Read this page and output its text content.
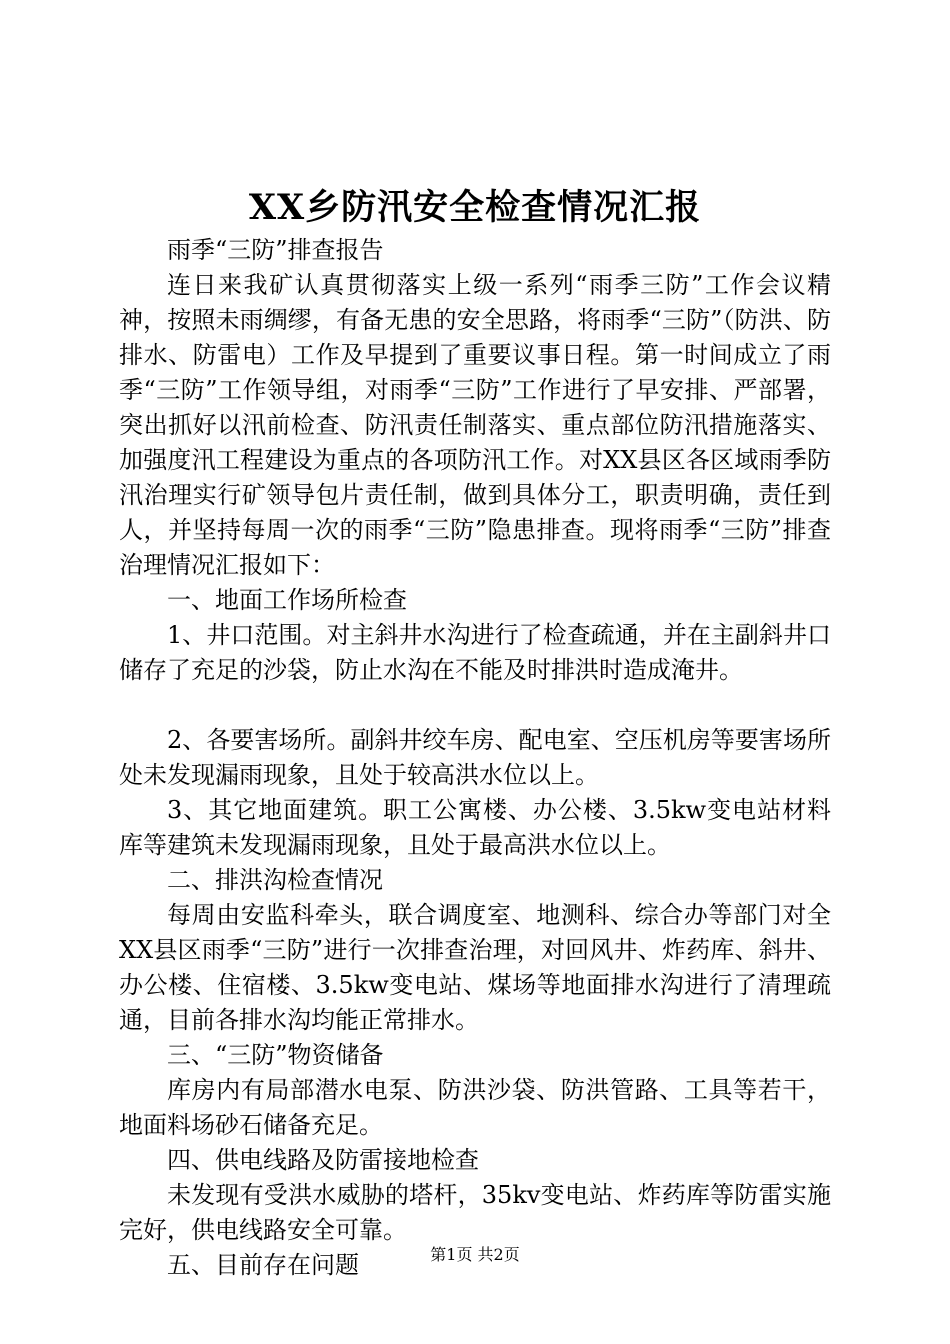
XX乡防汛安全检查情况汇报

雨季“三防”排查报告

连日来我矿认真贯彻落实上级一系列“雨季三防”工作会议精神，按照未雨绸缪，有备无患的安全思路，将雨季“三防”（防洪、防排水、防雷电）工作及早提到了重要议事日程。第一时间成立了雨季“三防”工作领导组，对雨季“三防”工作进行了早安排、严部署，突出抓好以汛前检查、防汛责任制落实、重点部位防汛措施落实、加强度汛工程建设为重点的各项防汛工作。对XX县区各区域雨季防汛治理实行矿领导包片责任制，做到具体分工，职责明确，责任到人，并坚持每周一次的雨季“三防”隐患排查。现将雨季“三防”排查治理情况汇报如下：

一、地面工作场所检查

1、井口范围。对主斜井水沟进行了检查疏通，并在主副斜井口储存了充足的沙袋，防止水沟在不能及时排洪时造成淹井。

2、各要害场所。副斜井绞车房、配电室、空压机房等要害场所处未发现漏雨现象，且处于较高洪水位以上。

3、其它地面建筑。职工公寓楼、办公楼、3.5kw变电站材料库等建筑未发现漏雨现象，且处于最高洪水位以上。

二、排洪沟检查情况

每周由安监科牵头，联合调度室、地测科、综合办等部门对全XX县区雨季“三防”进行一次排查治理，对回风井、炸药库、斜井、办公楼、住宿楼、3.5kw变电站、煤场等地面排水沟进行了清理疏通，目前各排水沟均能正常排水。

三、“三防”物资储备

库房内有局部潜水电泵、防洪沙袋、防洪管路、工具等若干，地面料场砂石储备充足。

四、供电线路及防雷接地检查

未发现有受洪水威胁的塔杆，35kv变电站、炸药库等防雷实施完好，供电线路安全可靠。

五、目前存在问题	第1页 共2页
